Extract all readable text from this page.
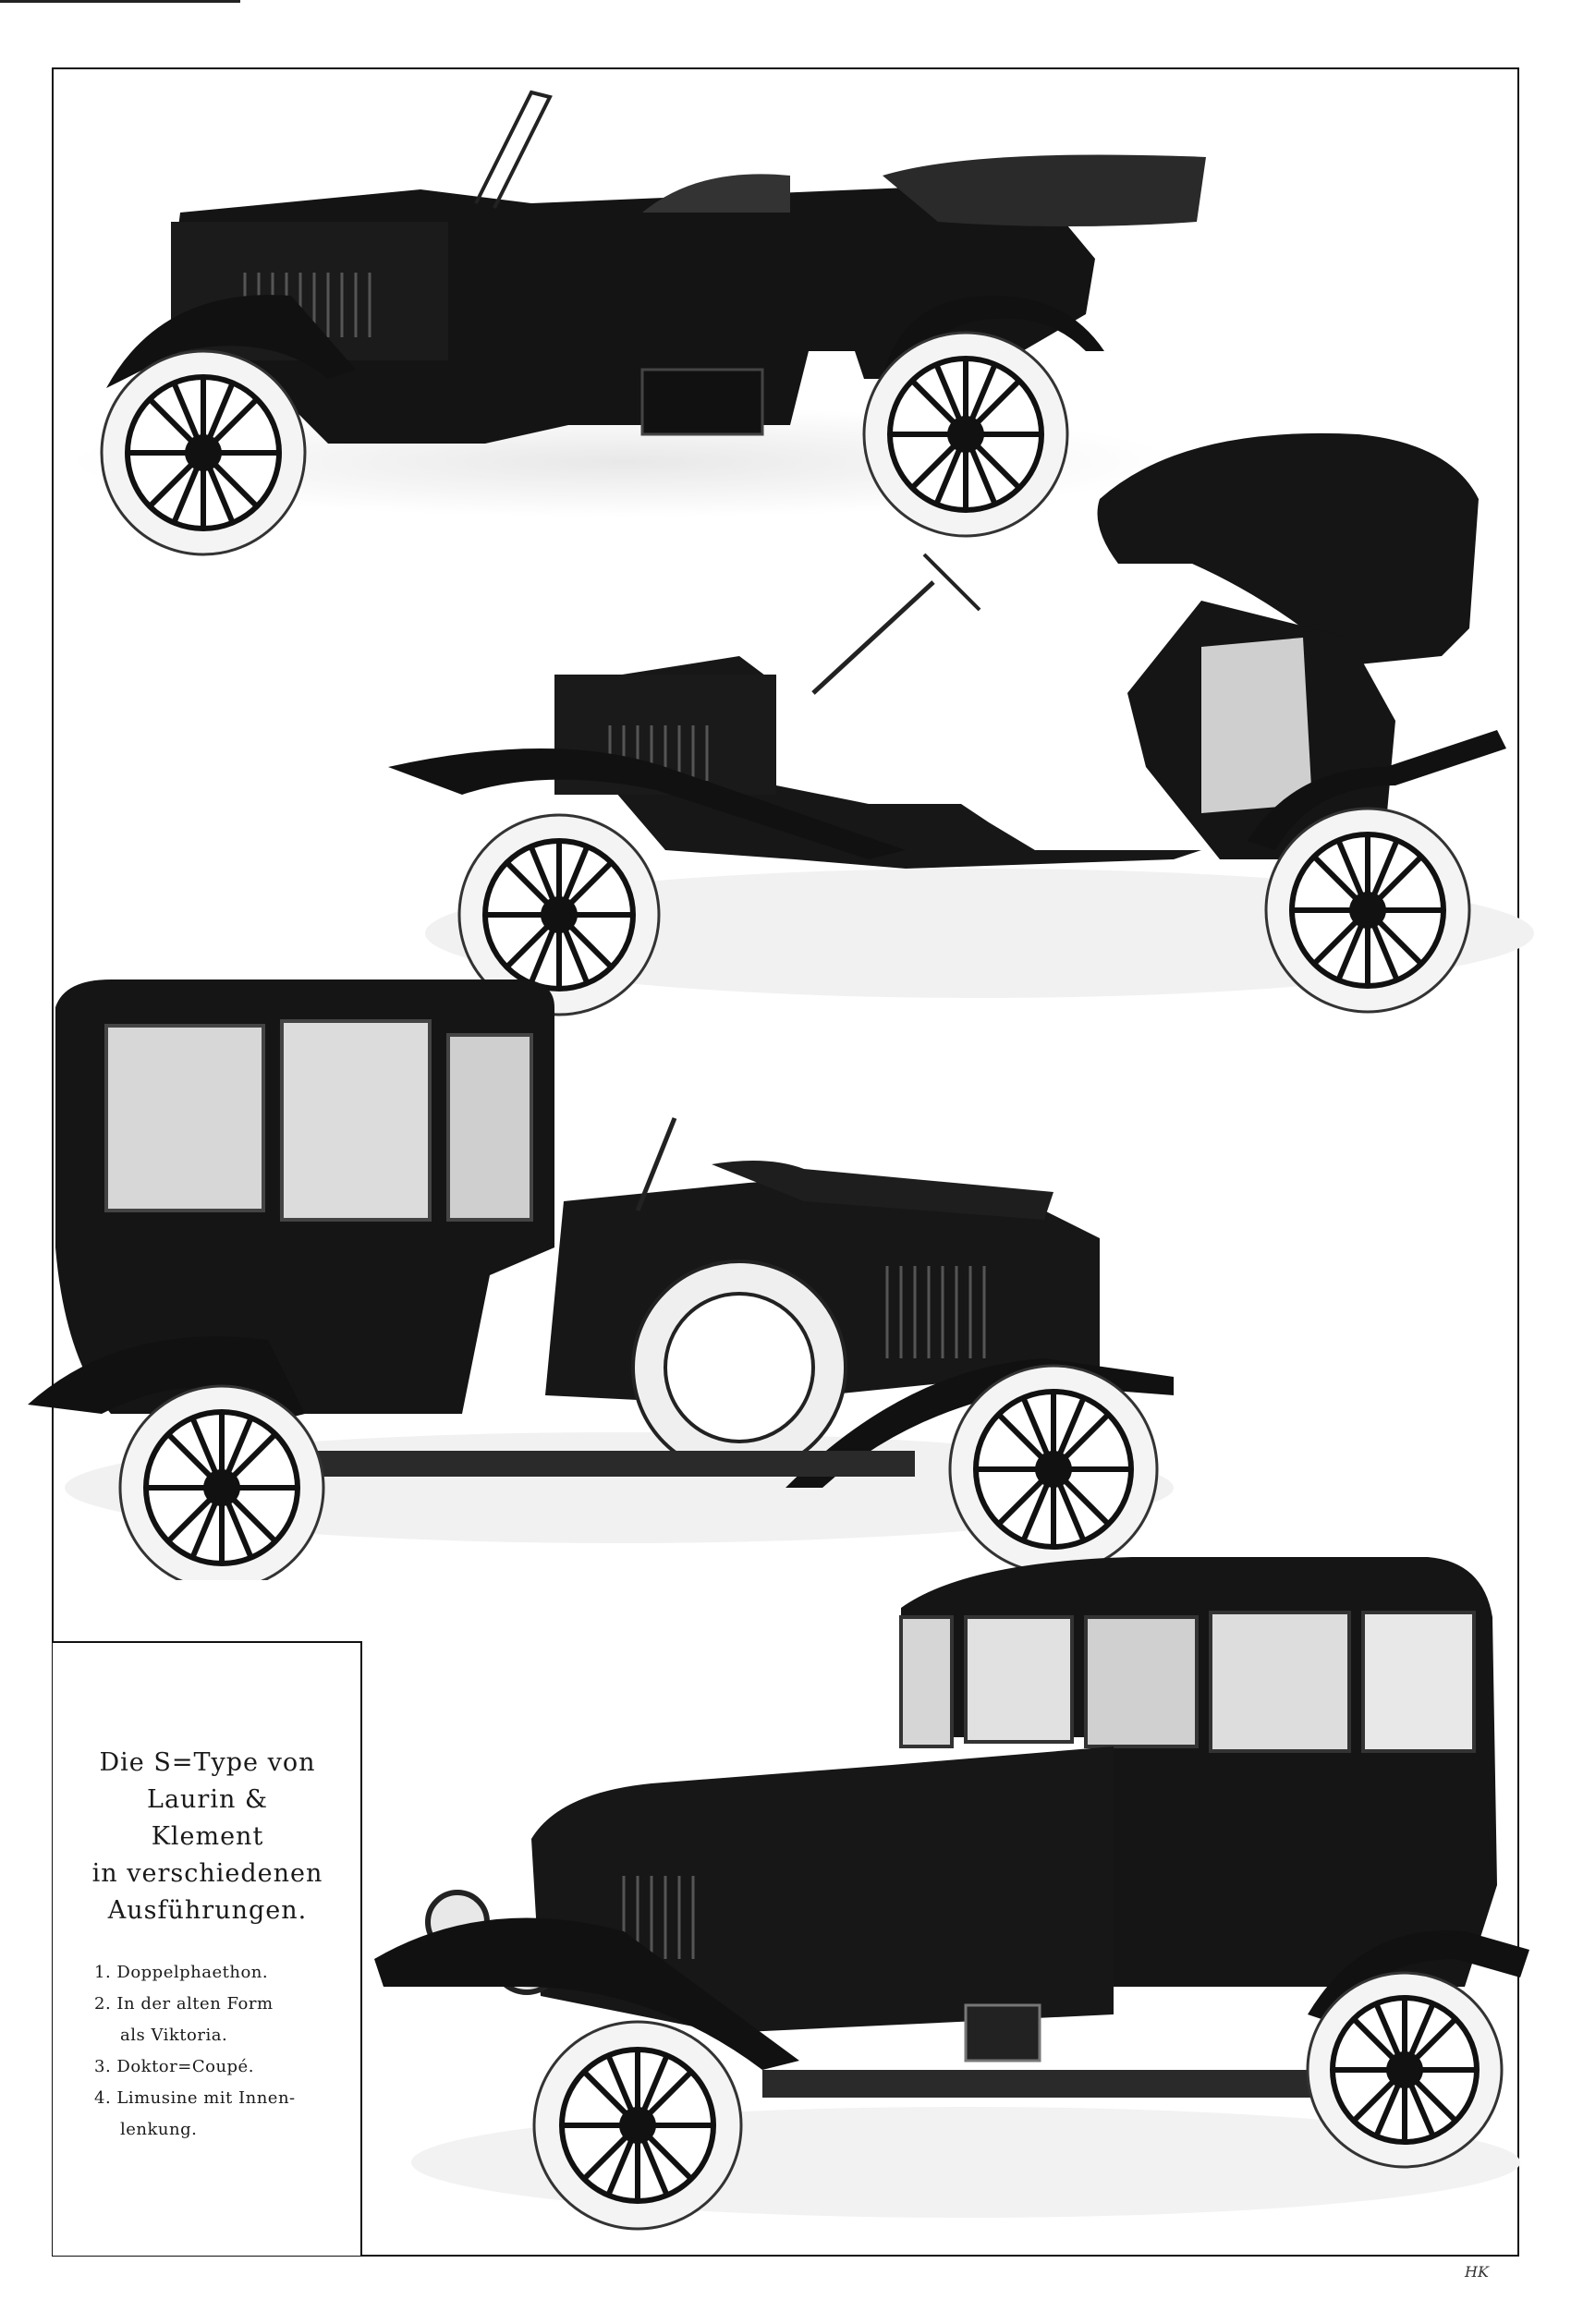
Die S=Type von
Laurin &
Klement
in verschiedenen
Ausführungen.
1. Doppelphaethon.
2. In der alten Form
als Viktoria.
3. Doktor=Coupé.
4. Limusine mit Innen-
lenkung.
HK
